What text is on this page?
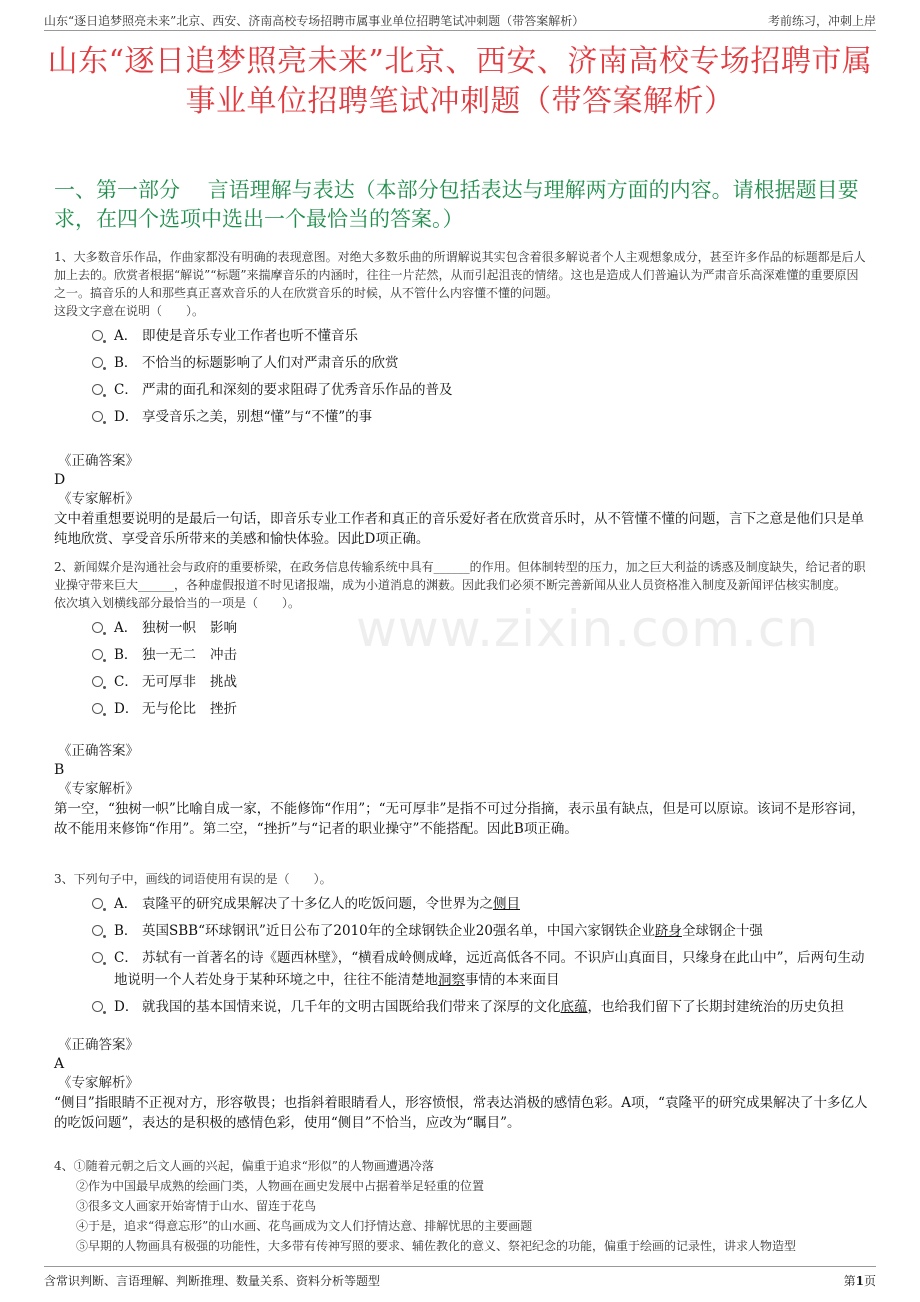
山东“逐日追梦照亮未来”北京、西安、济南高校专场招聘市属事业单位招聘笔试冲刺题（带答案解析）	考前练习，冲刺上岸
山东“逐日追梦照亮未来”北京、西安、济南高校专场招聘市属
事业单位招聘笔试冲刺题（带答案解析）
一、第一部分　 言语理解与表达（本部分包括表达与理解两方面的内容。请根据题目要求，在四个选项中选出一个最恰当的答案。）
www.zixin.com.cn
1、大多数音乐作品，作曲家都没有明确的表现意图。对绝大多数乐曲的所谓解说其实包含着很多解说者个人主观想象成分，甚至许多作品的标题都是后人加上去的。欣赏者根据“解说”“标题”来揣摩音乐的内涵时，往往一片茫然，从而引起沮丧的情绪。这也是造成人们普遍认为严肃音乐高深难懂的重要原因之一。搞音乐的人和那些真正喜欢音乐的人在欣赏音乐的时候，从不管什么内容懂不懂的问题。
这段文字意在说明（　　）。
A． 即使是音乐专业工作者也听不懂音乐
B． 不恰当的标题影响了人们对严肃音乐的欣赏
C． 严肃的面孔和深刻的要求阻碍了优秀音乐作品的普及
D． 享受音乐之美，别想“懂”与“不懂”的事
《正确答案》
D
《专家解析》
文中着重想要说明的是最后一句话，即音乐专业工作者和真正的音乐爱好者在欣赏音乐时，从不管懂不懂的问题，言下之意是他们只是单纯地欣赏、享受音乐所带来的美感和愉快体验。因此D项正确。
2、新闻媒介是沟通社会与政府的重要桥梁，在政务信息传输系统中具有______的作用。但体制转型的压力，加之巨大利益的诱惑及制度缺失，给记者的职业操守带来巨大______，各种虚假报道不时见诸报端，成为小道消息的渊薮。因此我们必须不断完善新闻从业人员资格准入制度及新闻评估核实制度。
依次填入划横线部分最恰当的一项是（　　）。
A． 独树一帜 影响
B． 独一无二 冲击
C． 无可厚非 挑战
D． 无与伦比 挫折
《正确答案》
B
《专家解析》
第一空，“独树一帜”比喻自成一家，不能修饰“作用”；“无可厚非”是指不可过分指摘，表示虽有缺点，但是可以原谅。该词不是形容词，故不能用来修饰“作用”。第二空，“挫折”与“记者的职业操守”不能搭配。因此B项正确。
3、下列句子中，画线的词语使用有误的是（　　）。
A． 袁隆平的研究成果解决了十多亿人的吃饭问题，令世界为之侧目
B． 英国SBB“环球钢讯”近日公布了2010年的全球钢铁企业20强名单，中国六家钢铁企业跻身全球钢企十强
C． 苏轼有一首著名的诗《题西林壁》，“横看成岭侧成峰，远近高低各不同。不识庐山真面目，只缘身在此山中”，后两句生动地说明一个人若处身于某种环境之中，往往不能清楚地洞察事情的本来面目
D． 就我国的基本国情来说，几千年的文明古国既给我们带来了深厚的文化底蕴，也给我们留下了长期封建统治的历史负担
《正确答案》
A
《专家解析》
“侧目”指眼睛不正视对方，形容敬畏；也指斜着眼睛看人，形容愤恨，常表达消极的感情色彩。A项，“袁隆平的研究成果解决了十多亿人的吃饭问题”，表达的是积极的感情色彩，使用“侧目”不恰当，应改为“瞩目”。
4、①随着元朝之后文人画的兴起，偏重于追求“形似”的人物画遭遇冷落
②作为中国最早成熟的绘画门类，人物画在画史发展中占据着举足轻重的位置
③很多文人画家开始寄情于山水、留连于花鸟
④于是，追求“得意忘形”的山水画、花鸟画成为文人们抒情达意、排解忧思的主要画题
⑤早期的人物画具有极强的功能性，大多带有传神写照的要求、辅佐教化的意义、祭祀纪念的功能，偏重于绘画的记录性，讲求人物造型
含常识判断、言语理解、判断推理、数量关系、资料分析等题型	第1页
